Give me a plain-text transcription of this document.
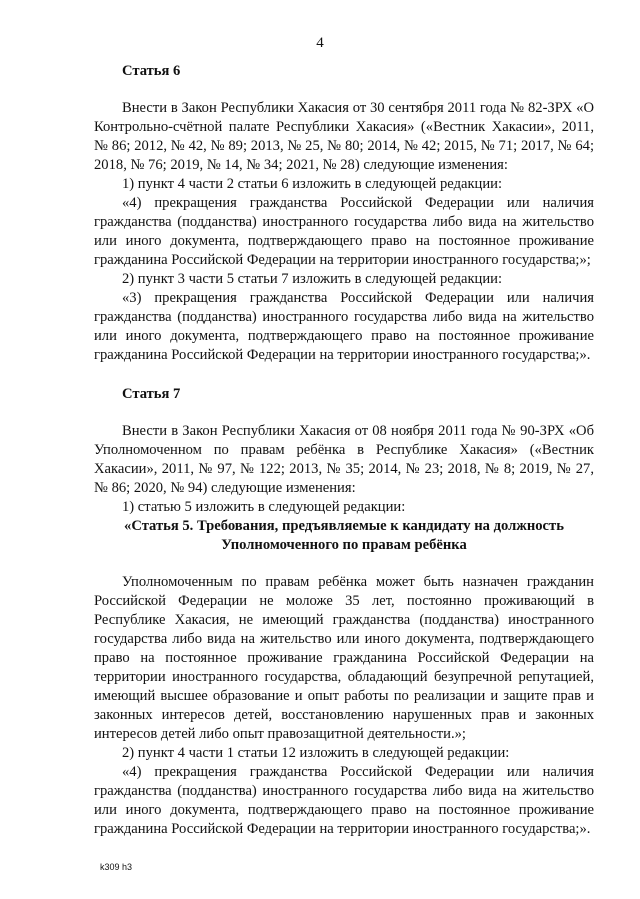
4
Статья 6

Внести в Закон Республики Хакасия от 30 сентября 2011 года № 82-ЗРХ «О Контрольно-счётной палате Республики Хакасия» («Вестник Хакасии», 2011, № 86; 2012, № 42, № 89; 2013, № 25, № 80; 2014, № 42; 2015, № 71; 2017, № 64; 2018, № 76; 2019, № 14, № 34; 2021, № 28) следующие изменения:

1) пункт 4 части 2 статьи 6 изложить в следующей редакции:

«4) прекращения гражданства Российской Федерации или наличия гражданства (подданства) иностранного государства либо вида на жительство или иного документа, подтверждающего право на постоянное проживание гражданина Российской Федерации на территории иностранного государства;»;

2) пункт 3 части 5 статьи 7 изложить в следующей редакции:

«3) прекращения гражданства Российской Федерации или наличия гражданства (подданства) иностранного государства либо вида на жительство или иного документа, подтверждающего право на постоянное проживание гражданина Российской Федерации на территории иностранного государства;».

Статья 7

Внести в Закон Республики Хакасия от 08 ноября 2011 года № 90-ЗРХ «Об Уполномоченном по правам ребёнка в Республике Хакасия» («Вестник Хакасии», 2011, № 97, № 122; 2013, № 35; 2014, № 23; 2018, № 8; 2019, № 27, № 86; 2020, № 94) следующие изменения:

1) статью 5 изложить в следующей редакции:

«Статья 5. Требования, предъявляемые к кандидату на должность
Уполномоченного по правам ребёнка

Уполномоченным по правам ребёнка может быть назначен гражданин Российской Федерации не моложе 35 лет, постоянно проживающий в Республике Хакасия, не имеющий гражданства (подданства) иностранного государства либо вида на жительство или иного документа, подтверждающего право на постоянное проживание гражданина Российской Федерации на территории иностранного государства, обладающий безупречной репутацией, имеющий высшее образование и опыт работы по реализации и защите прав и законных интересов детей, восстановлению нарушенных прав и законных интересов детей либо опыт правозащитной деятельности.»;

2) пункт 4 части 1 статьи 12 изложить в следующей редакции:

«4) прекращения гражданства Российской Федерации или наличия гражданства (подданства) иностранного государства либо вида на жительство или иного документа, подтверждающего право на постоянное проживание гражданина Российской Федерации на территории иностранного государства;».

k309 h3
